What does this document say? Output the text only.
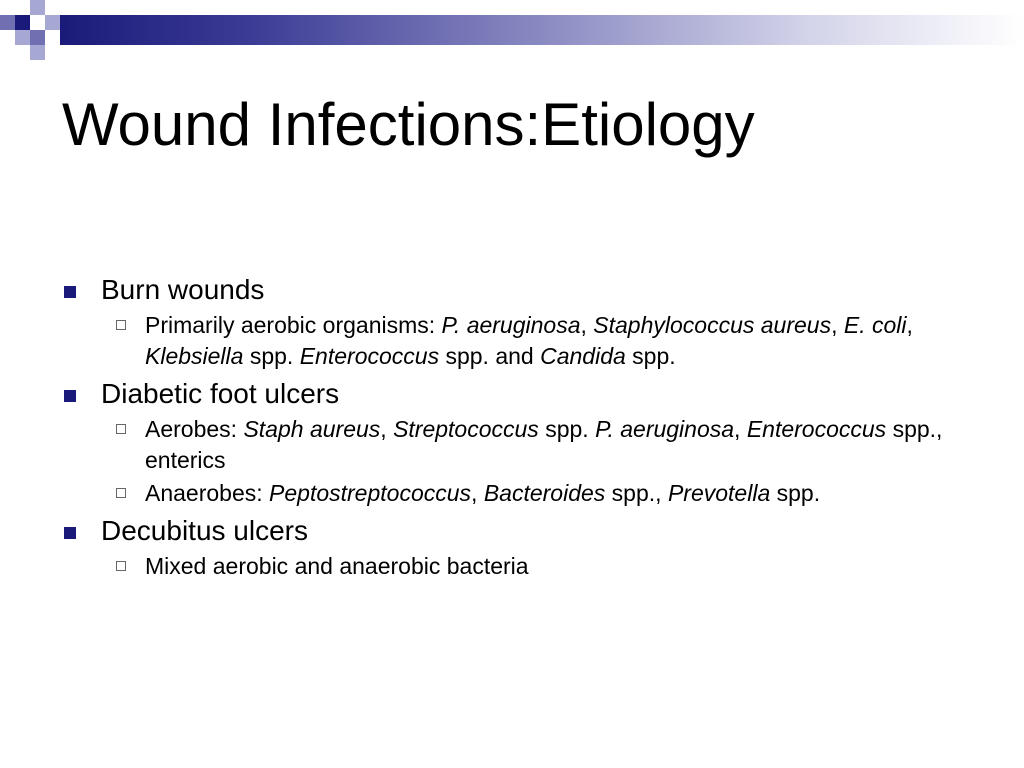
Wound Infections:Etiology
Burn wounds
Primarily aerobic organisms: P. aeruginosa, Staphylococcus aureus, E. coli, Klebsiella spp. Enterococcus spp. and Candida spp.
Diabetic foot ulcers
Aerobes: Staph aureus, Streptococcus spp. P. aeruginosa, Enterococcus spp., enterics
Anaerobes: Peptostreptococcus, Bacteroides spp., Prevotella spp.
Decubitus ulcers
Mixed aerobic and anaerobic bacteria
